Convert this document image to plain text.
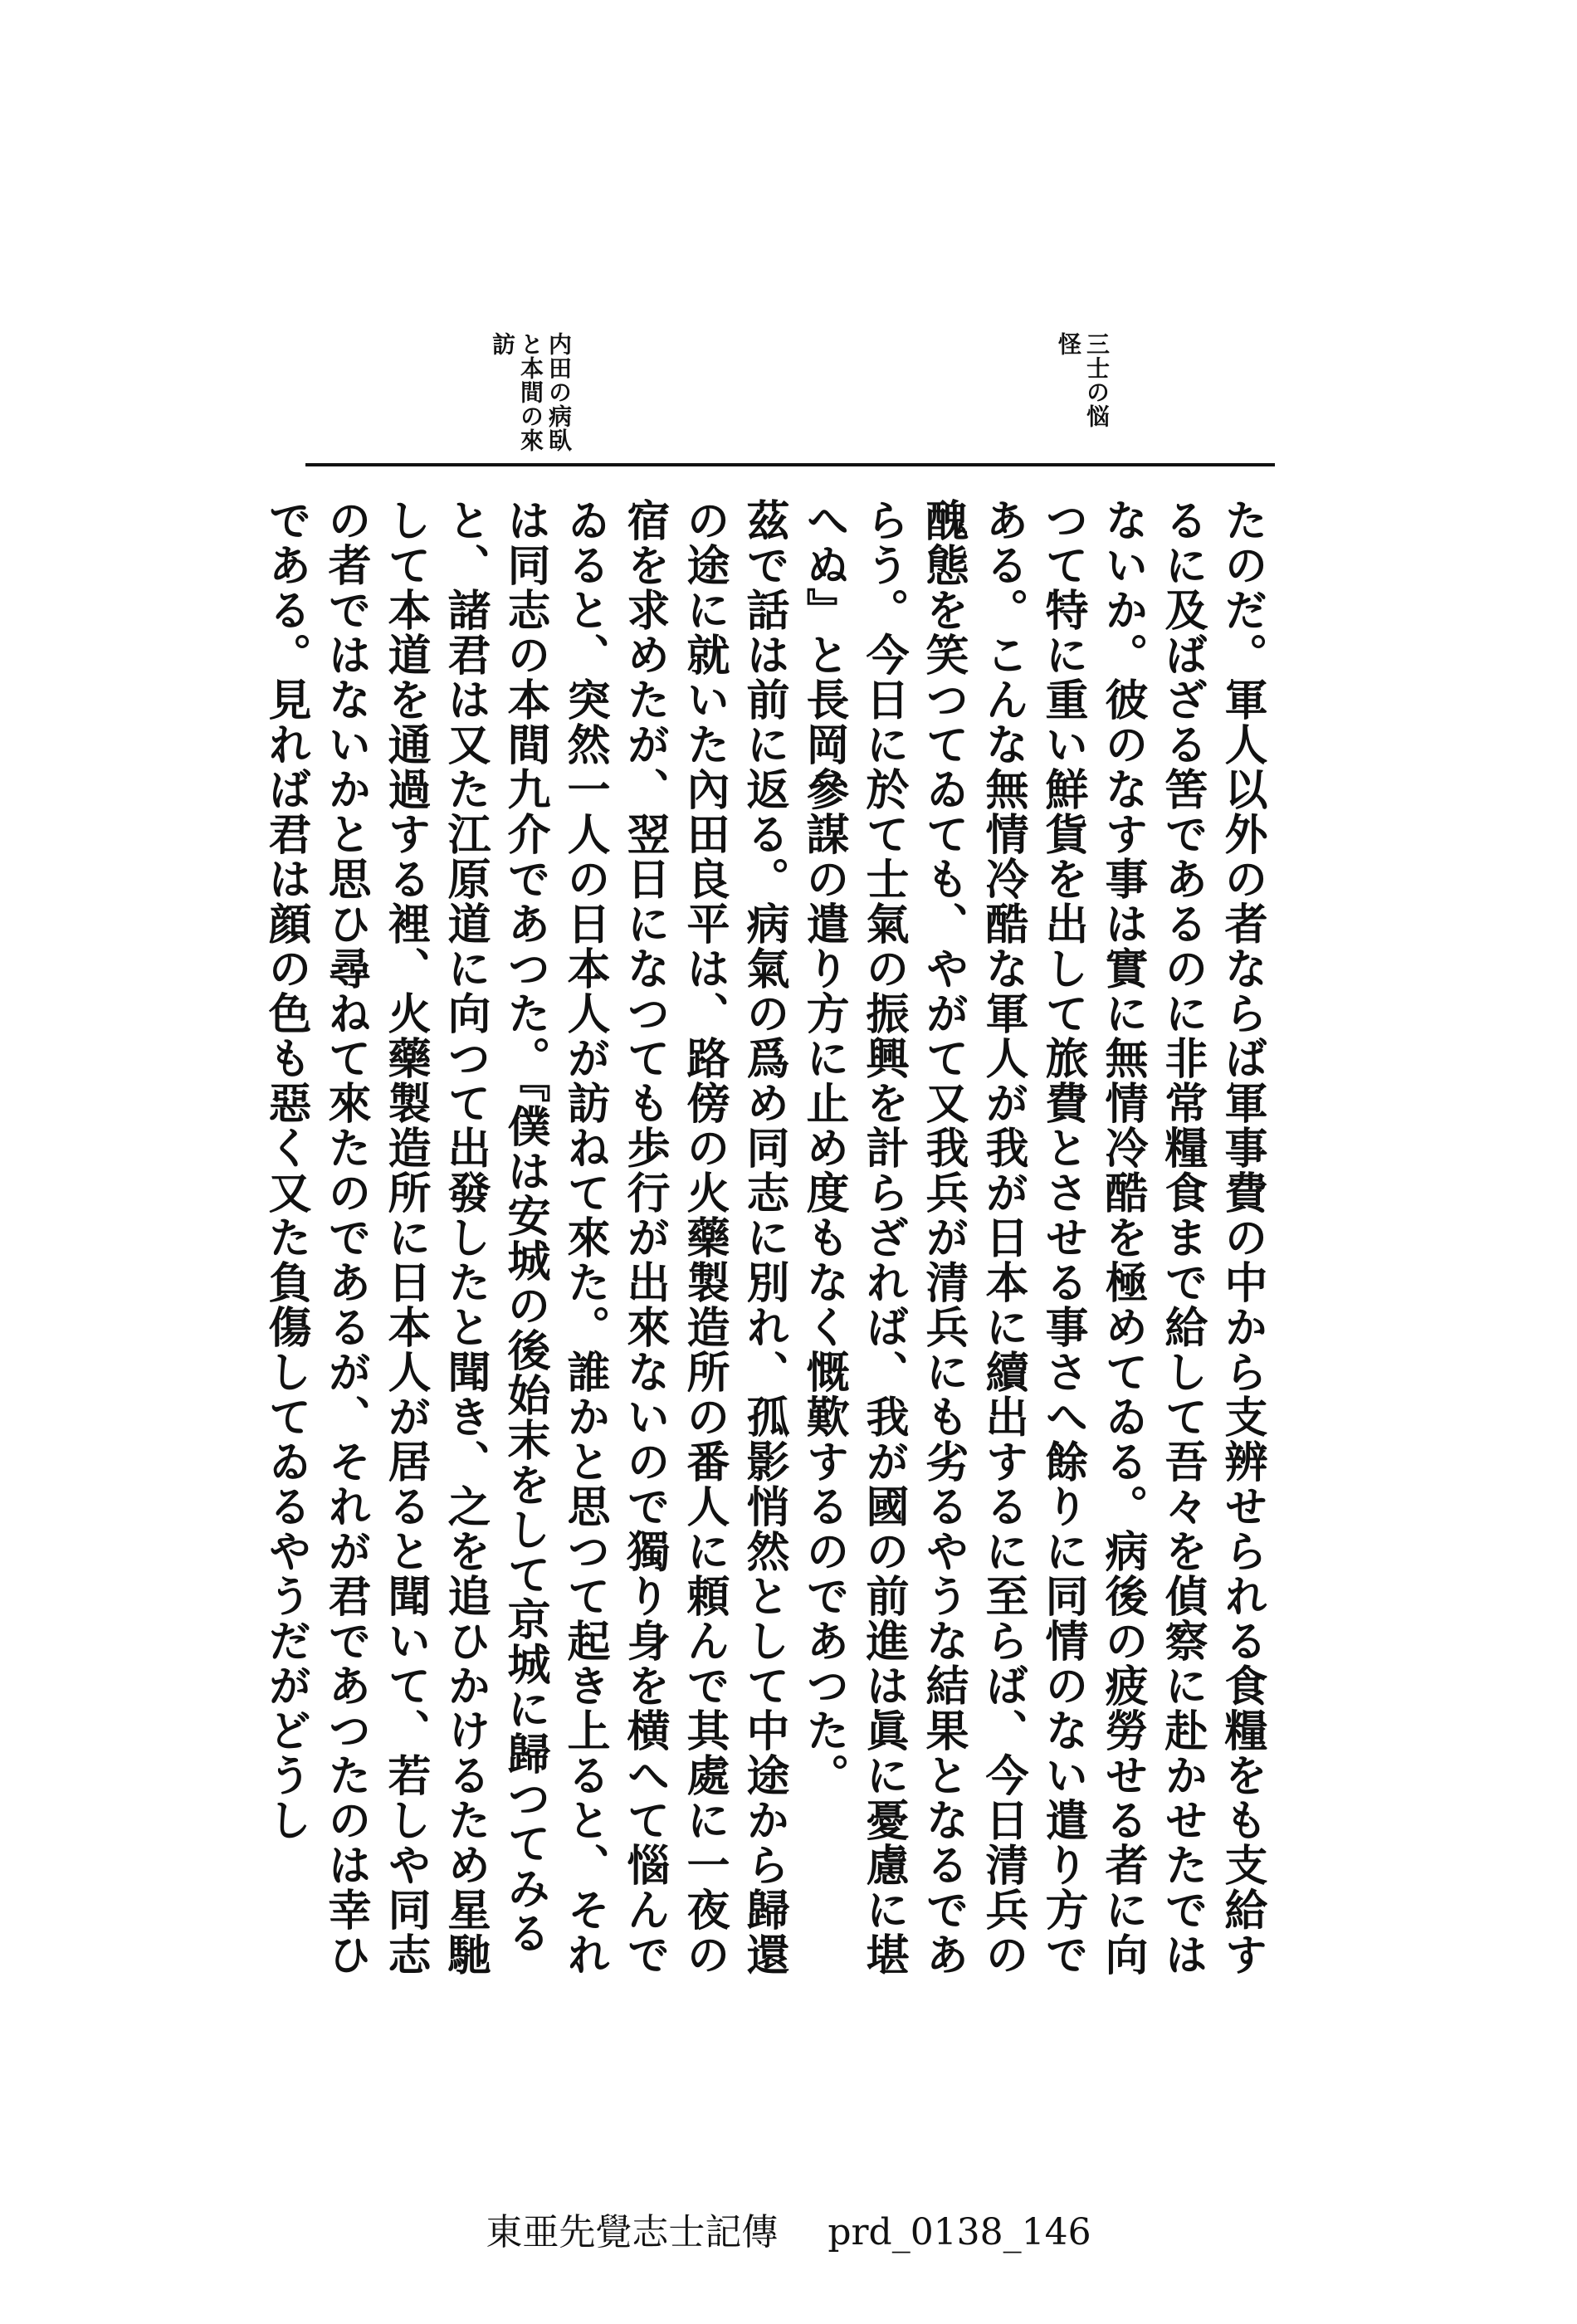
三士の悩怪
内田の病臥と本間の來訪

たのだ。軍人以外の者ならば軍事費の中から支辨せられる食糧をも支給するに及ばざる筈であるのに非常糧食まで給して吾々を偵察に赴かせたではないか。彼のなす事は實に無情冷酷を極めてゐる。病後の疲勞せる者に向つて特に重い鮮貨を出して旅費とさせる事さへ餘りに同情のない遣り方である。こんな無情冷酷な軍人が我が日本に續出するに至らば、今日清兵の醜態を笑つてゐても、やがて又我兵が清兵にも劣るやうな結果となるであらう。今日に於て士氣の振興を計らざれば、我が國の前進は眞に憂慮に堪へぬ』と長岡參謀の遣り方に止め度もなく慨歎するのであつた。

茲で話は前に返る。病氣の爲め同志に別れ、孤影悄然として中途から歸還の途に就いた內田良平は、路傍の火藥製造所の番人に頼んで其處に一夜の宿を求めたが、翌日になつても歩行が出來ないので獨り身を横へて惱んでゐると、突然一人の日本人が訪ねて來た。誰かと思つて起き上ると、それは同志の本間九介であつた。『僕は安城の後始末をして京城に歸つてみると、諸君は又た江原道に向つて出發したと聞き、之を追ひかけるため星馳して本道を通過する裡、火藥製造所に日本人が居ると聞いて、若しや同志の者ではないかと思ひ尋ねて來たのであるが、それが君であつたのは幸ひである。見れば君は顔の色も惡く又た負傷してゐるやうだがどうし

東亜先覺志士記傳 prd_0138_146
